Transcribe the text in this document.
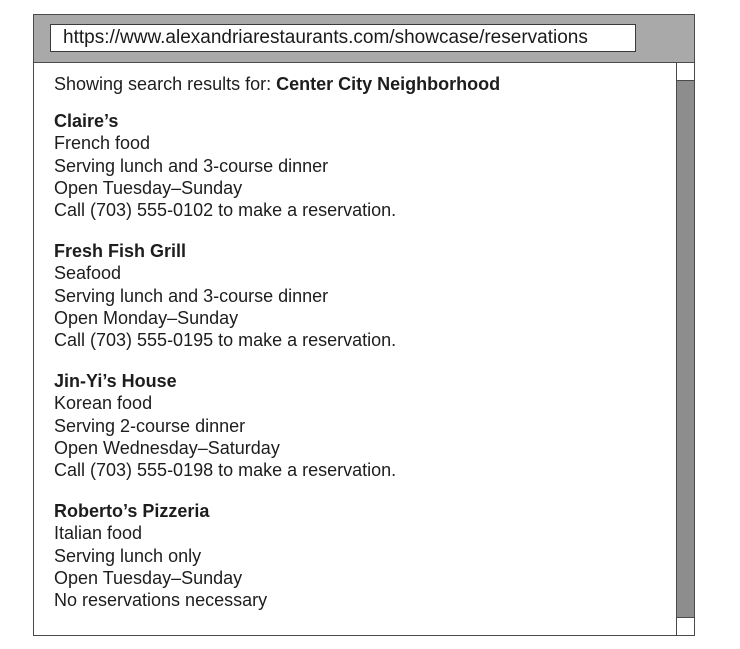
https://www.alexandriarestaurants.com/showcase/reservations
Showing search results for: Center City Neighborhood
Claire’s
French food
Serving lunch and 3-course dinner
Open Tuesday–Sunday
Call (703) 555-0102 to make a reservation.
Fresh Fish Grill
Seafood
Serving lunch and 3-course dinner
Open Monday–Sunday
Call (703) 555-0195 to make a reservation.
Jin-Yi’s House
Korean food
Serving 2-course dinner
Open Wednesday–Saturday
Call (703) 555-0198 to make a reservation.
Roberto’s Pizzeria
Italian food
Serving lunch only
Open Tuesday–Sunday
No reservations necessary
